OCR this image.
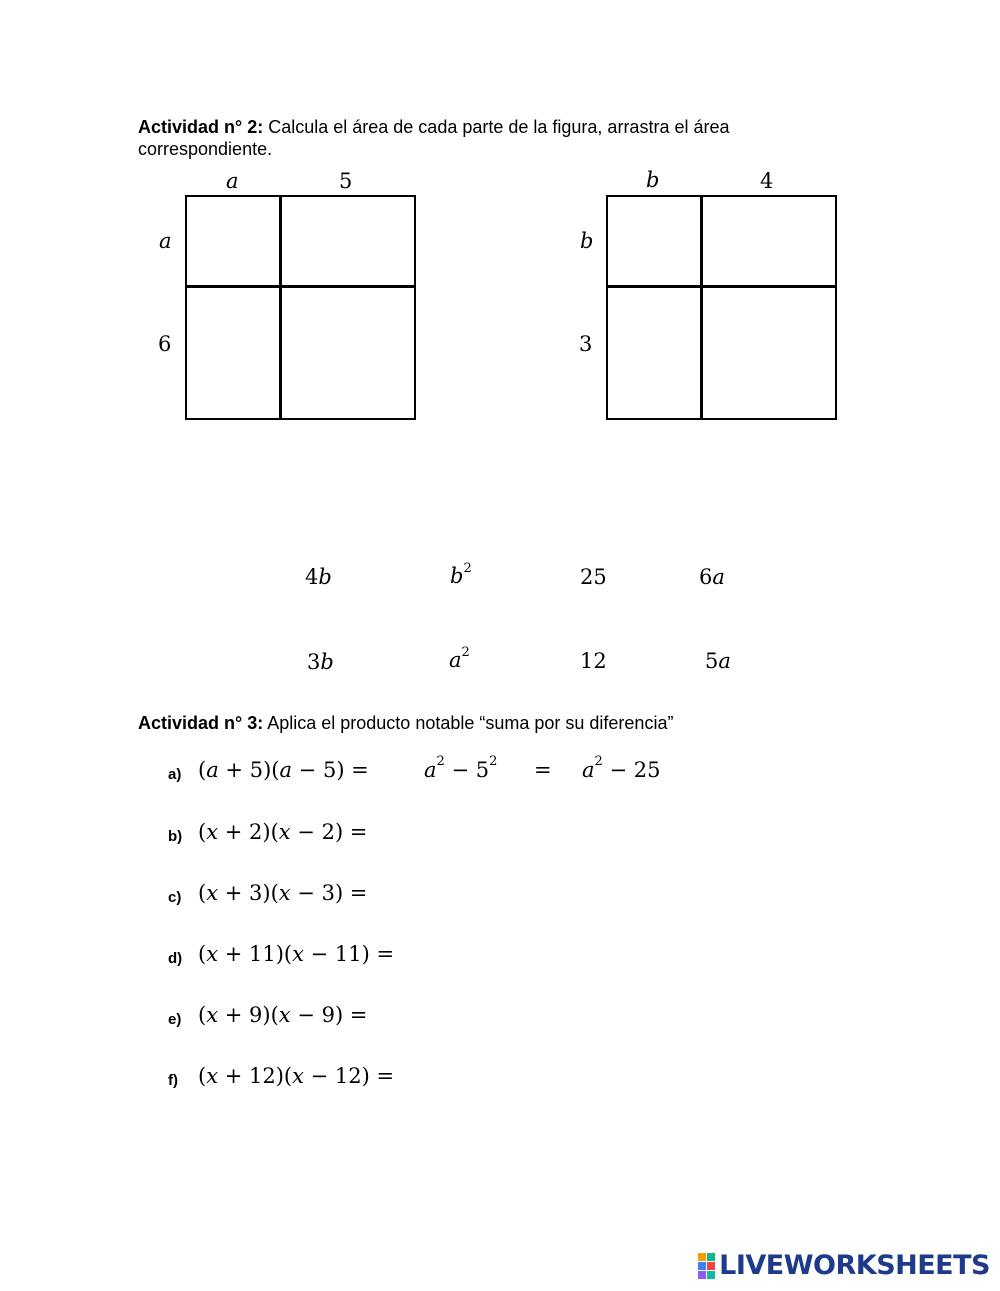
Actividad n° 2: Calcula el área de cada parte de la figura, arrastra el área
correspondiente.
a	5
a
6
b	4
b
3
4b	$b^2$	25	6a
3b	$a^2$	12	5a
Actividad n° 3: Aplica el producto notable “suma por su diferencia”
a) (a + 5)(a − 5) =	$a^2 - 5^2 = a^2 - 25$
b) (x + 2)(x − 2) =
c) (x + 3)(x − 3) =
d) (x + 11)(x − 11) =
e) (x + 9)(x − 9) =
f) (x + 12)(x − 12) =
LIVEWORKSHEETS
